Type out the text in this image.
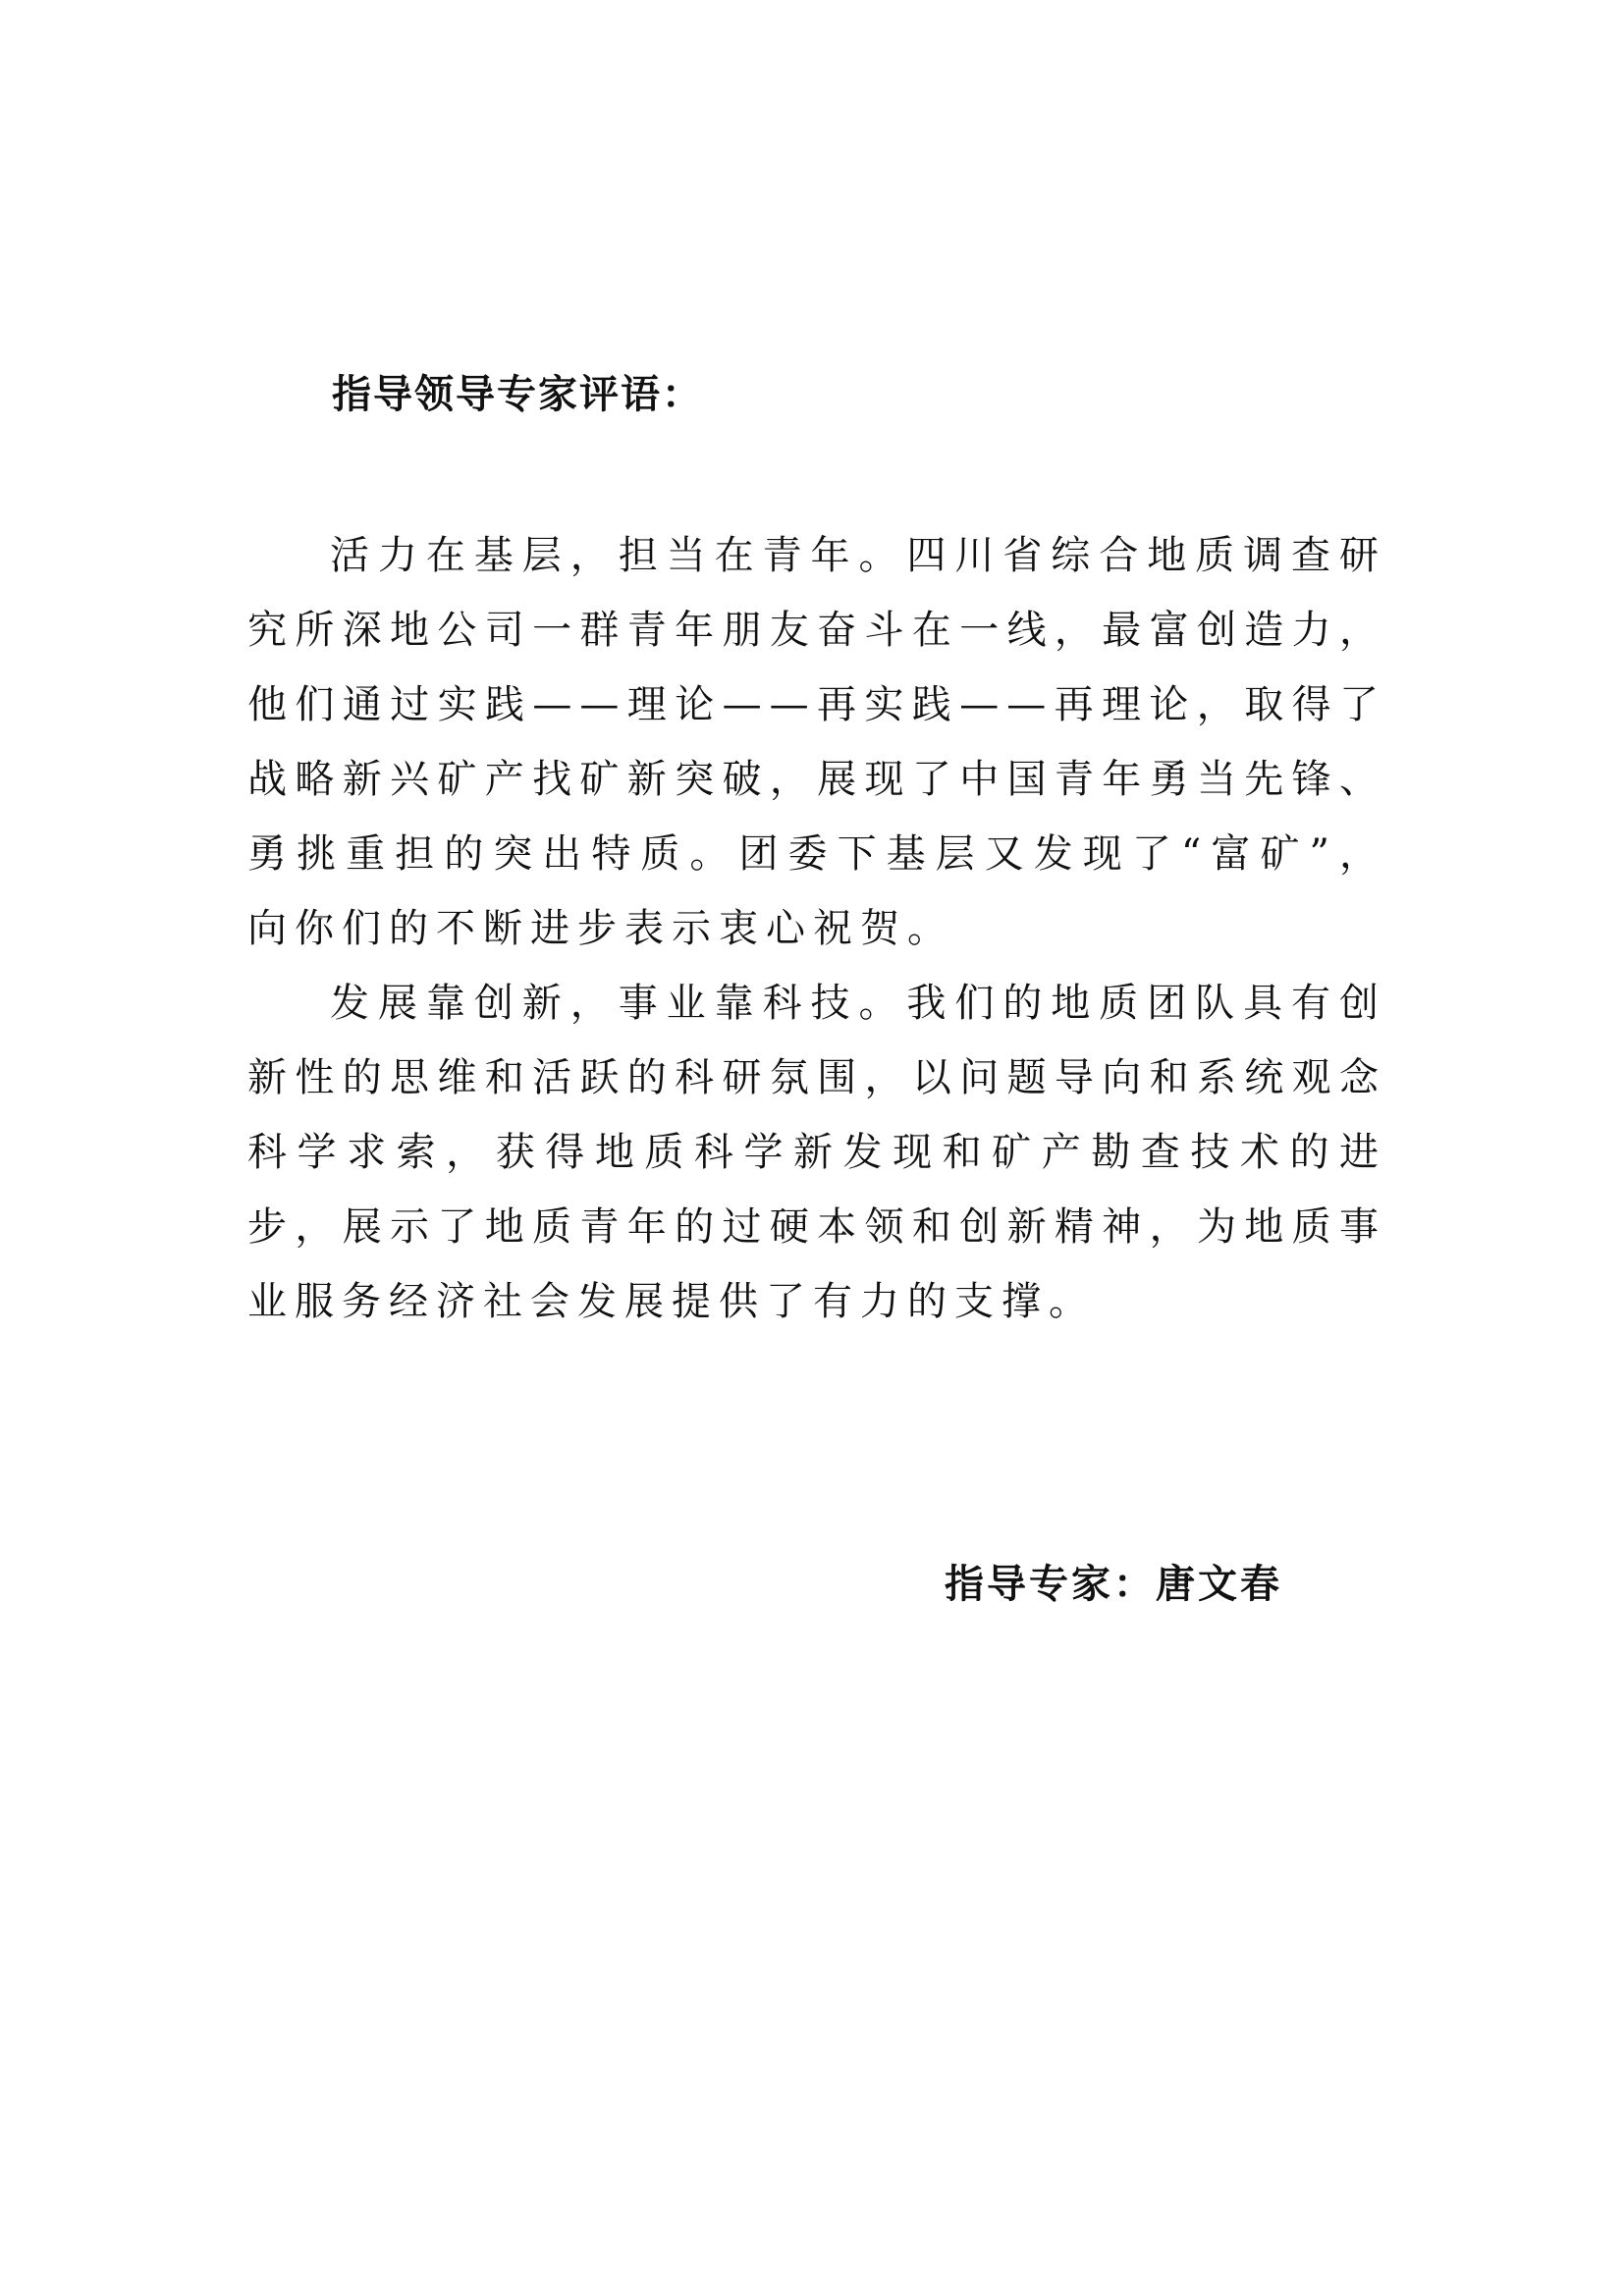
指导领导专家评语：

活力在基层，担当在青年。四川省综合地质调查研究所深地公司一群青年朋友奋斗在一线，最富创造力，他们通过实践——理论——再实践——再理论，取得了战略新兴矿产找矿新突破，展现了中国青年勇当先锋、勇挑重担的突出特质。团委下基层又发现了“富矿”，向你们的不断进步表示衷心祝贺。

发展靠创新，事业靠科技。我们的地质团队具有创新性的思维和活跃的科研氛围，以问题导向和系统观念科学求索，获得地质科学新发现和矿产勘查技术的进步，展示了地质青年的过硬本领和创新精神，为地质事业服务经济社会发展提供了有力的支撑。

指导专家：唐文春
